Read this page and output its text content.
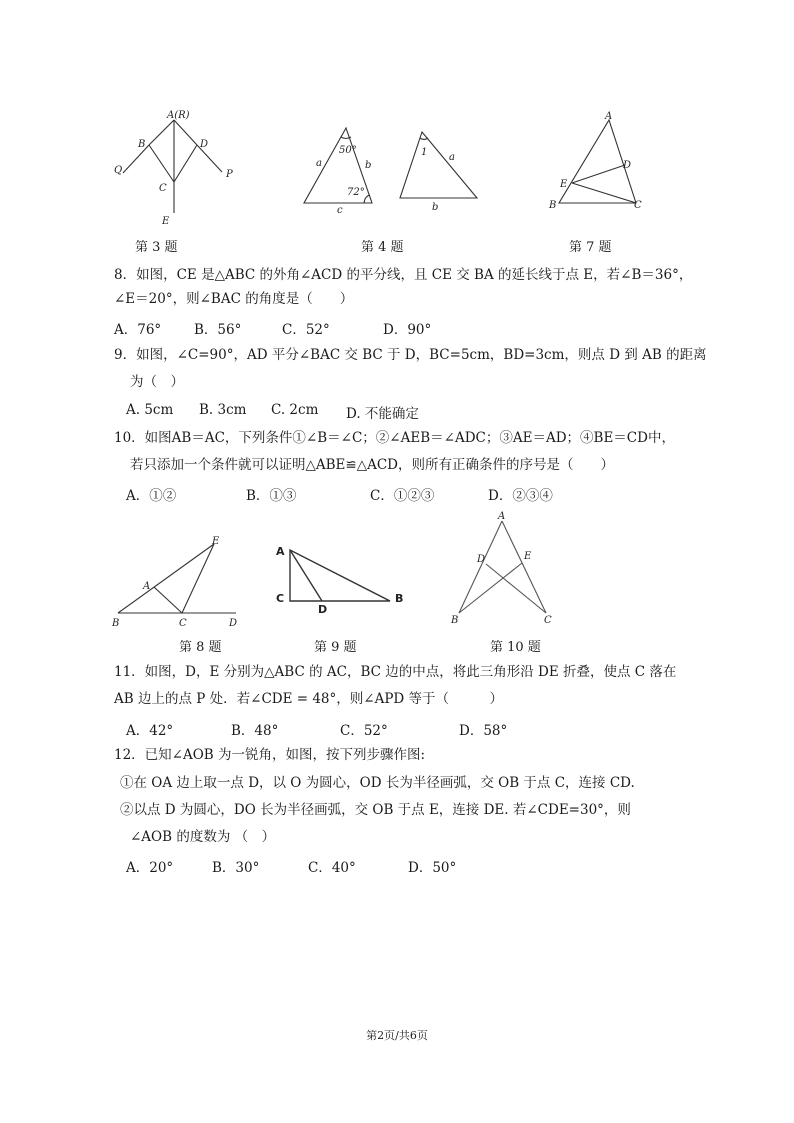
A(R)
B	D
Q	P
C
E
第 3 题
50°
72°
a	b
c
1 a
b
第 4 题
A
D
E
B	C
第 7 题
8．如图，CE 是△ABC 的外角∠ACD 的平分线，且 CE 交 BA 的延长线于点 E，若∠B＝36°，
∠E＝20°，则∠BAC 的角度是（　　）
A．76° B．56°	C．52°	D．90°
9．如图，∠C=90°，AD 平分∠BAC 交 BC 于 D，BC=5cm，BD=3cm，则点 D 到 AB 的距离
为（　）
A. 5cm B. 3cm C. 2cm D. 不能确定
10．如图AB＝AC，下列条件①∠B＝∠C；②∠AEB＝∠ADC；③AE＝AD；④BE＝CD中，
若只添加一个条件就可以证明△ABE≌△ACD，则所有正确条件的序号是（　　）
A．①②	B．①③	C．①②③	D．②③④
E
A
B	C	D
第 8 题
A
C
D
B
第 9 题
A
D	E
B	C
第 10 题
11．如图，D，E 分别为△ABC 的 AC，BC 边的中点，将此三角形沿 DE 折叠，使点 C 落在
AB 边上的点 P 处．若∠CDE = 48°，则∠APD 等于（　　　）
A．42°	B．48°	C．52°	D．58°
12．已知∠AOB 为一锐角，如图，按下列步骤作图:
①在 OA 边上取一点 D，以 O 为圆心，OD 长为半径画弧，交 OB 于点 C，连接 CD.
②以点 D 为圆心，DO 长为半径画弧，交 OB 于点 E，连接 DE. 若∠CDE=30°，则
∠AOB 的度数为 （　）
A．20°	B．30°	C．40°	D．50°
第2页/共6页
